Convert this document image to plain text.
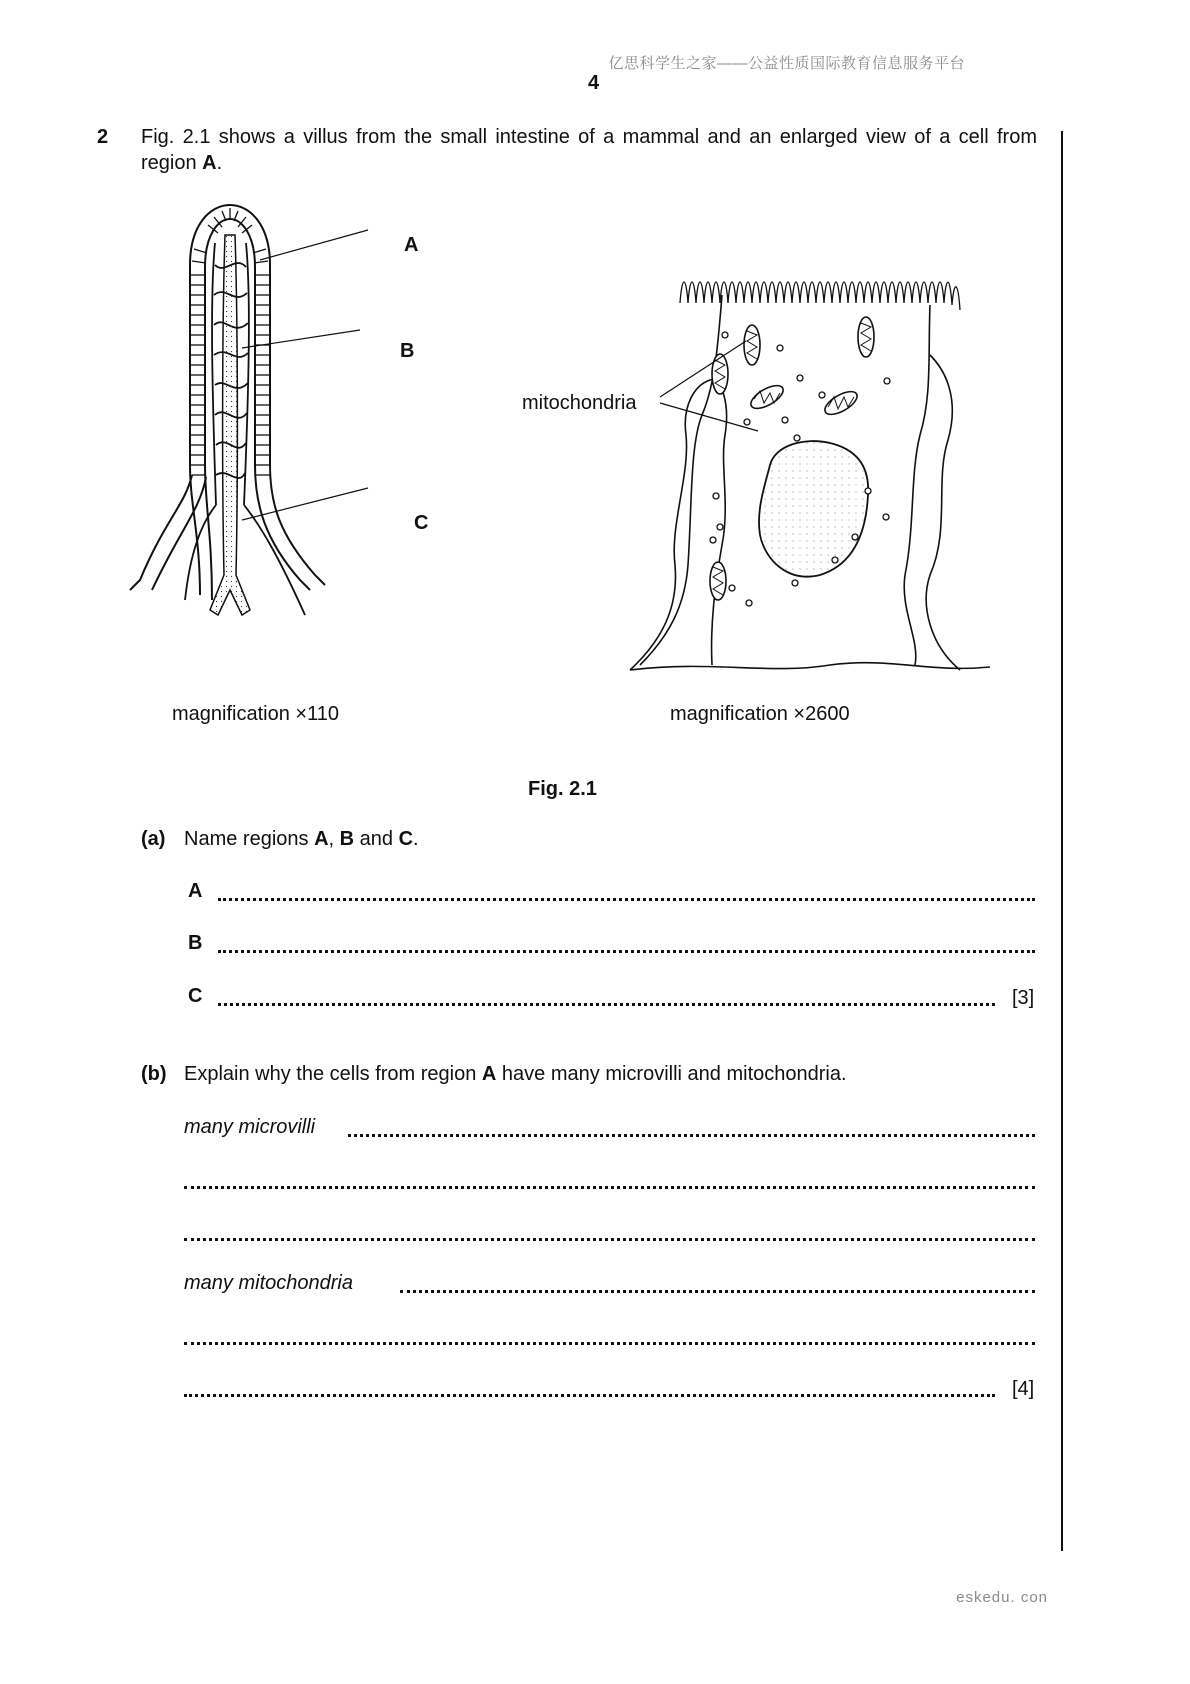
亿思科学生之家——公益性质国际教育信息服务平台
4
2 Fig. 2.1 shows a villus from the small intestine of a mammal and an enlarged view of a cell from region A.
A
B
C
magnification ×110
mitochondria
magnification ×2600
Fig. 2.1
(a) Name regions A, B and C.
A
B
C	[3]
(b) Explain why the cells from region A have many microvilli and mitochondria.
many microvilli
many mitochondria
[4]
eskedu. con
